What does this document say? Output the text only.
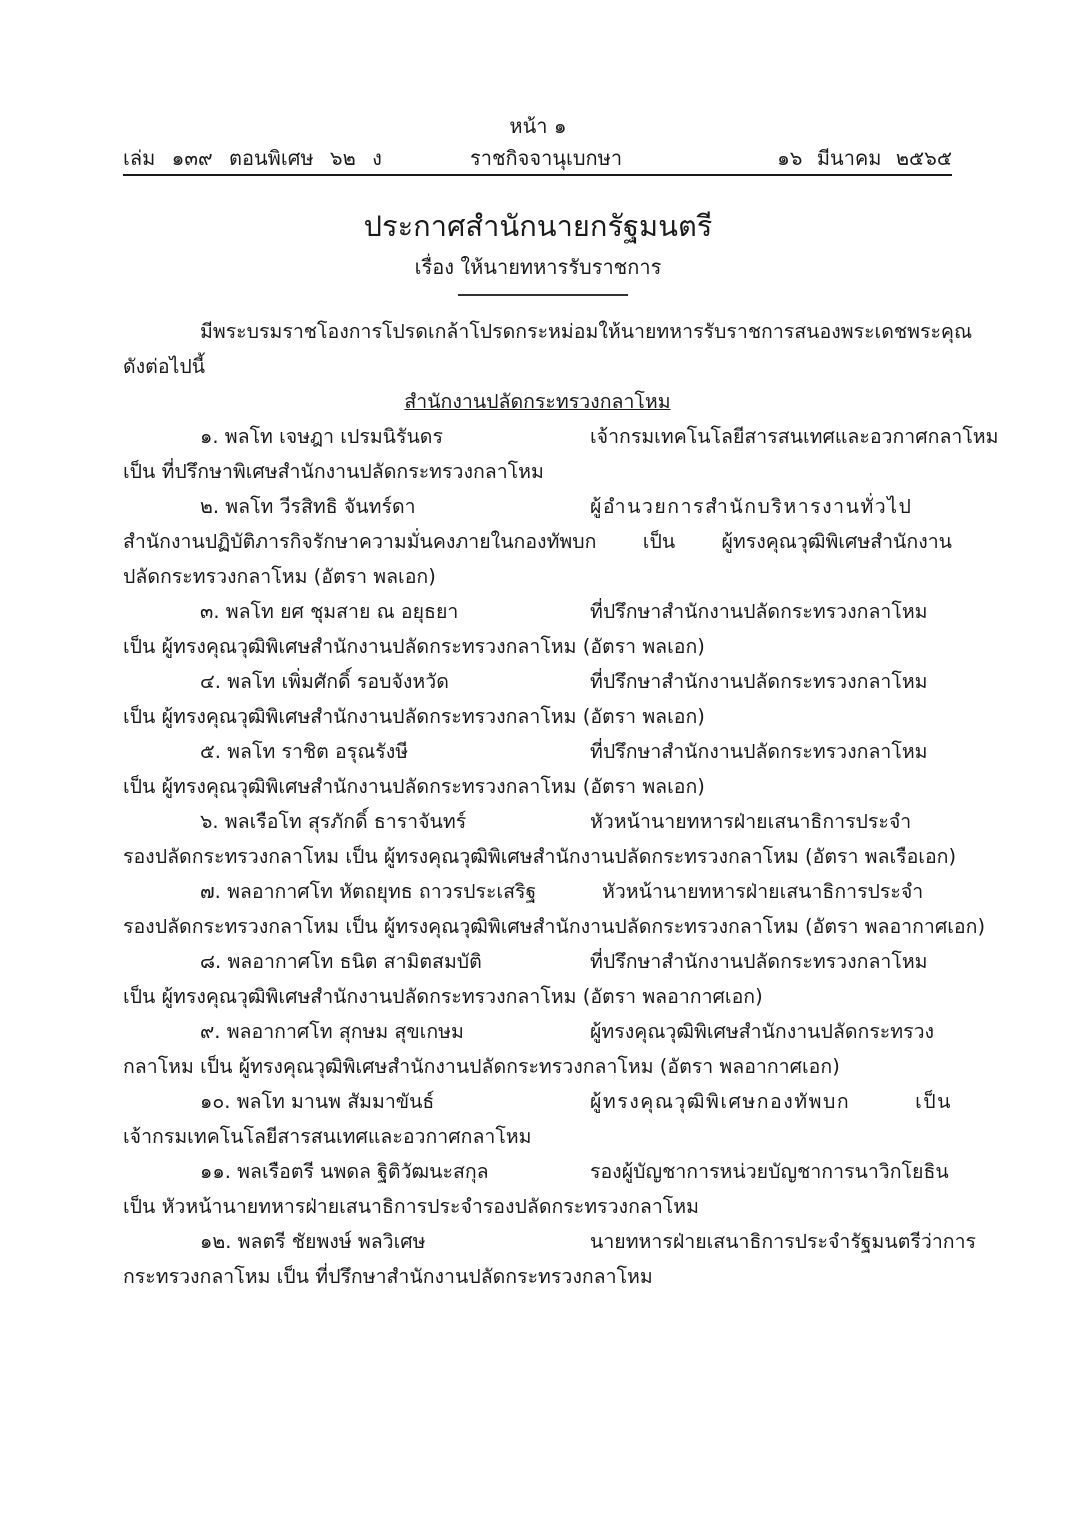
หน้า ๑
เล่ม ๑๓๙ ตอนพิเศษ ๖๒ ง	ราชกิจจานุเบกษา	๑๖ มีนาคม ๒๕๖๕
ประกาศสำนักนายกรัฐมนตรี
เรื่อง ให้นายทหารรับราชการ
มีพระบรมราชโองการโปรดเกล้าโปรดกระหม่อมให้นายทหารรับราชการสนองพระเดชพระคุณ
ดังต่อไปนี้
สำนักงานปลัดกระทรวงกลาโหม
๑. พลโท เจษฎา เปรมนิรันดร	เจ้ากรมเทคโนโลยีสารสนเทศและอวกาศกลาโหม
เป็น ที่ปรึกษาพิเศษสำนักงานปลัดกระทรวงกลาโหม
๒. พลโท วีรสิทธิ จันทร์ดา	ผู้อำนวยการสำนักบริหารงานทั่วไป
สำนักงานปฏิบัติภารกิจรักษาความมั่นคงภายในกองทัพบก เป็น ผู้ทรงคุณวุฒิพิเศษสำนักงาน
ปลัดกระทรวงกลาโหม (อัตรา พลเอก)
๓. พลโท ยศ ชุมสาย ณ อยุธยา	ที่ปรึกษาสำนักงานปลัดกระทรวงกลาโหม
เป็น ผู้ทรงคุณวุฒิพิเศษสำนักงานปลัดกระทรวงกลาโหม (อัตรา พลเอก)
๔. พลโท เพิ่มศักดิ์ รอบจังหวัด	ที่ปรึกษาสำนักงานปลัดกระทรวงกลาโหม
เป็น ผู้ทรงคุณวุฒิพิเศษสำนักงานปลัดกระทรวงกลาโหม (อัตรา พลเอก)
๕. พลโท ราชิต อรุณรังษี	ที่ปรึกษาสำนักงานปลัดกระทรวงกลาโหม
เป็น ผู้ทรงคุณวุฒิพิเศษสำนักงานปลัดกระทรวงกลาโหม (อัตรา พลเอก)
๖. พลเรือโท สุรภักดิ์ ธาราจันทร์	หัวหน้านายทหารฝ่ายเสนาธิการประจำ
รองปลัดกระทรวงกลาโหม เป็น ผู้ทรงคุณวุฒิพิเศษสำนักงานปลัดกระทรวงกลาโหม (อัตรา พลเรือเอก)
๗. พลอากาศโท หัตถยุทธ ถาวรประเสริฐ	หัวหน้านายทหารฝ่ายเสนาธิการประจำ
รองปลัดกระทรวงกลาโหม เป็น ผู้ทรงคุณวุฒิพิเศษสำนักงานปลัดกระทรวงกลาโหม (อัตรา พลอากาศเอก)
๘. พลอากาศโท ธนิต สามิตสมบัติ	ที่ปรึกษาสำนักงานปลัดกระทรวงกลาโหม
เป็น ผู้ทรงคุณวุฒิพิเศษสำนักงานปลัดกระทรวงกลาโหม (อัตรา พลอากาศเอก)
๙. พลอากาศโท สุกษม สุขเกษม	ผู้ทรงคุณวุฒิพิเศษสำนักงานปลัดกระทรวง
กลาโหม เป็น ผู้ทรงคุณวุฒิพิเศษสำนักงานปลัดกระทรวงกลาโหม (อัตรา พลอากาศเอก)
๑๐. พลโท มานพ สัมมาขันธ์	ผู้ทรงคุณวุฒิพิเศษกองทัพบก เป็น
เจ้ากรมเทคโนโลยีสารสนเทศและอวกาศกลาโหม
๑๑. พลเรือตรี นพดล ฐิติวัฒนะสกุล	รองผู้บัญชาการหน่วยบัญชาการนาวิกโยธิน
เป็น หัวหน้านายทหารฝ่ายเสนาธิการประจำรองปลัดกระทรวงกลาโหม
๑๒. พลตรี ชัยพงษ์ พลวิเศษ	นายทหารฝ่ายเสนาธิการประจำรัฐมนตรีว่าการ
กระทรวงกลาโหม เป็น ที่ปรึกษาสำนักงานปลัดกระทรวงกลาโหม
